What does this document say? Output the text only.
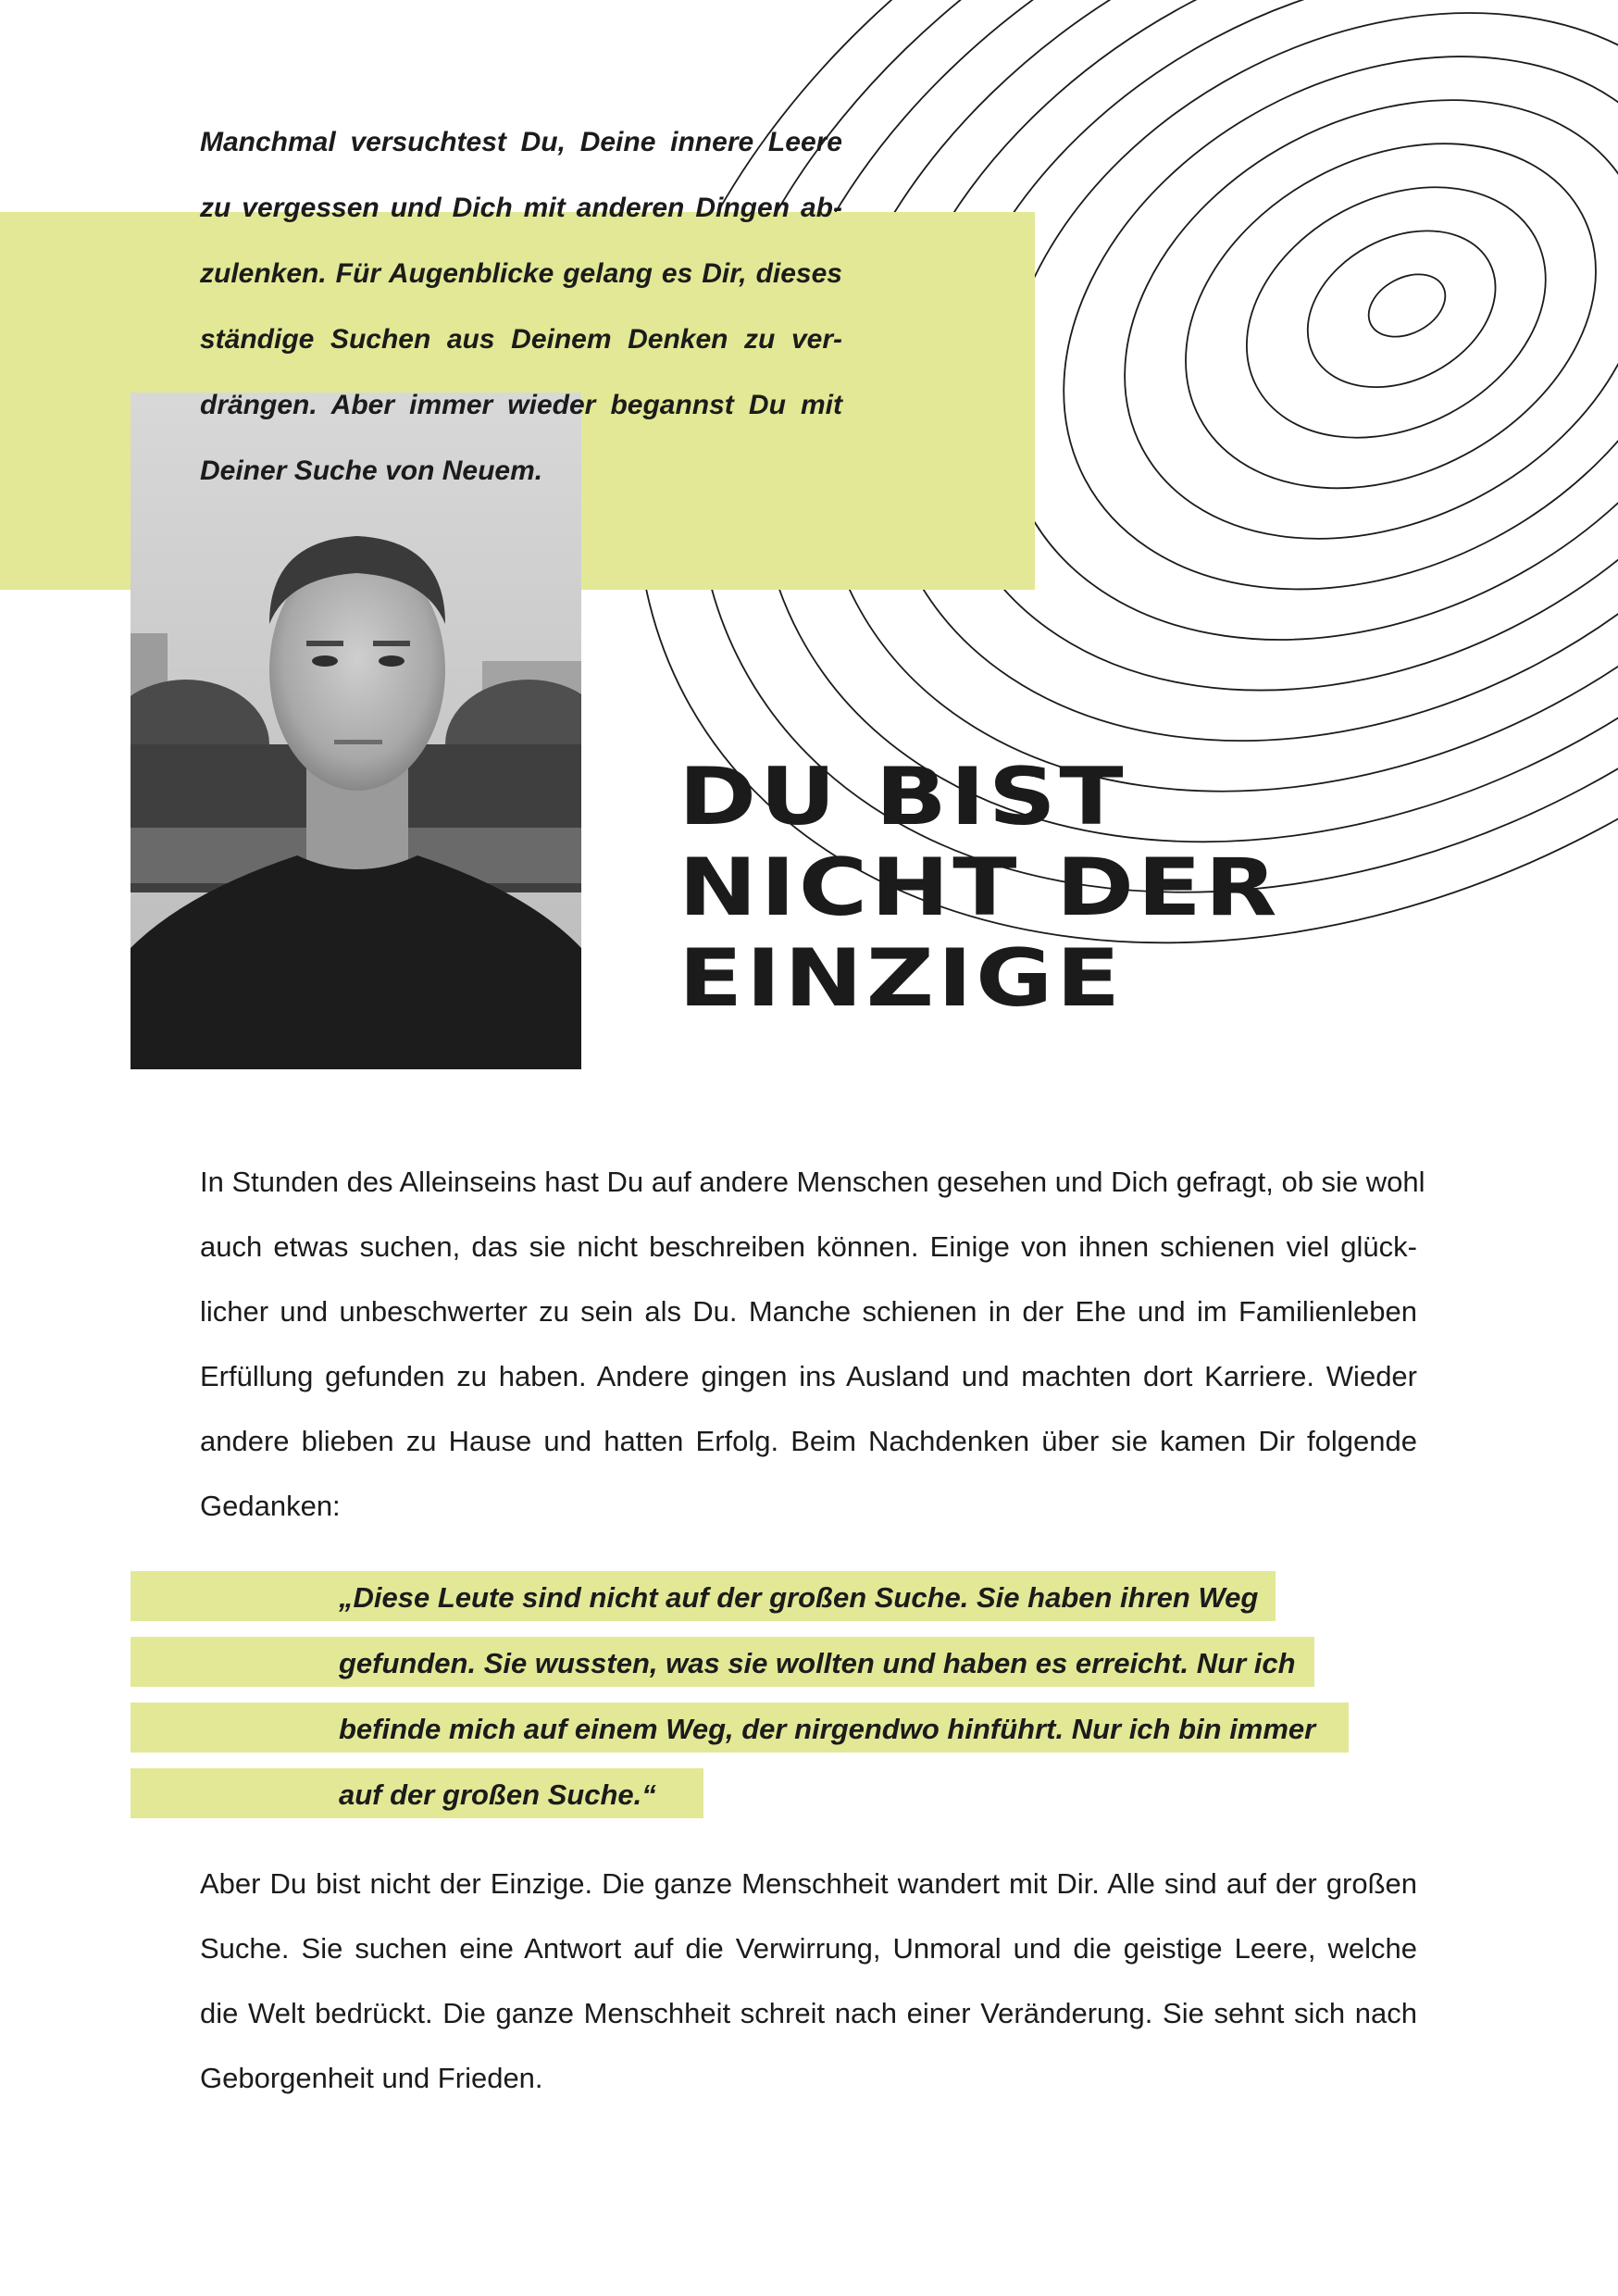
Manchmal versuchtest Du, Deine innere Leere
zu vergessen und Dich mit anderen Dingen ab-
zulenken. Für Augenblicke gelang es Dir, dieses
ständige Suchen aus Deinem Denken zu ver-
drängen. Aber immer wieder begannst Du mit
Deiner Suche von Neuem.

DU BIST
NICHT DER
EINZIGE

In Stunden des Alleinseins hast Du auf andere Menschen gesehen und Dich gefragt, ob sie wohl
auch etwas suchen, das sie nicht beschreiben können. Einige von ihnen schienen viel glück-
licher und unbeschwerter zu sein als Du. Manche schienen in der Ehe und im Familienleben
Erfüllung gefunden zu haben. Andere gingen ins Ausland und machten dort Karriere. Wieder
andere blieben zu Hause und hatten Erfolg. Beim Nachdenken über sie kamen Dir folgende
Gedanken:

„Diese Leute sind nicht auf der großen Suche. Sie haben ihren Weg
gefunden. Sie wussten, was sie wollten und haben es erreicht. Nur ich
befinde mich auf einem Weg, der nirgendwo hinführt. Nur ich bin immer
auf der großen Suche.“

Aber Du bist nicht der Einzige. Die ganze Menschheit wandert mit Dir. Alle sind auf der großen
Suche. Sie suchen eine Antwort auf die Verwirrung, Unmoral und die geistige Leere, welche
die Welt bedrückt. Die ganze Menschheit schreit nach einer Veränderung. Sie sehnt sich nach
Geborgenheit und Frieden.
